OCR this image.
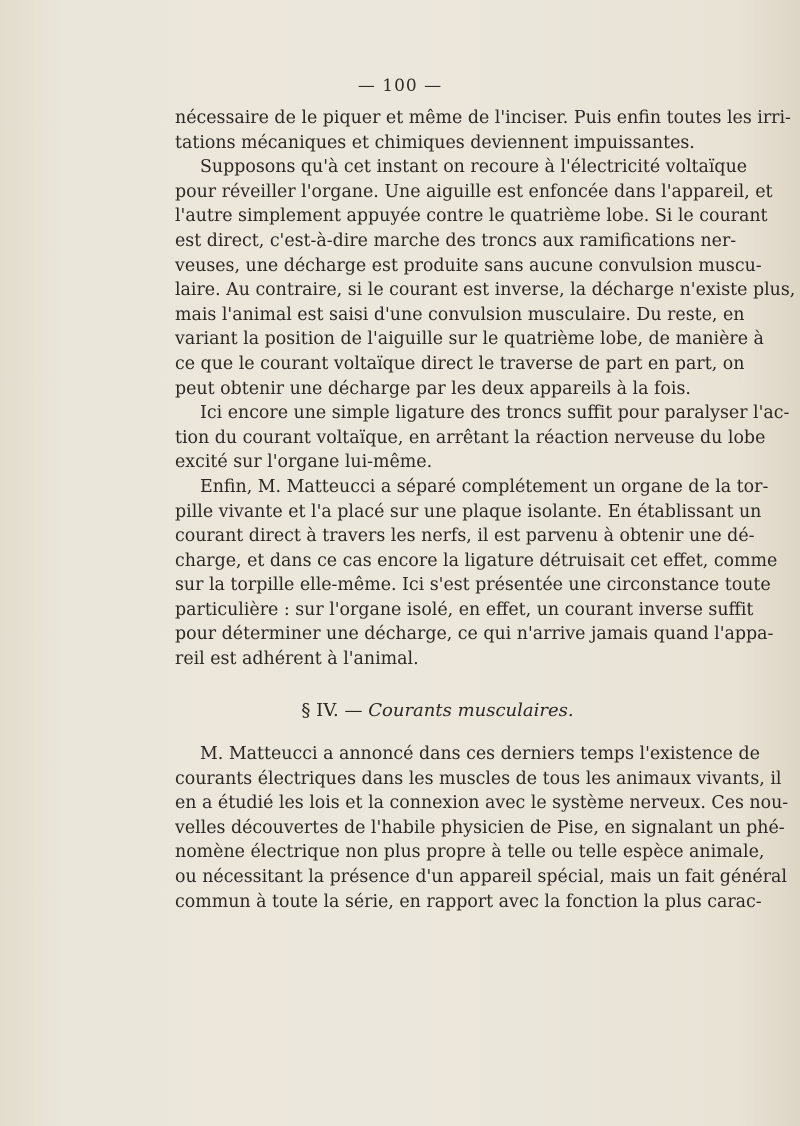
— 100 —
nécessaire de le piquer et même de l'inciser. Puis enfin toutes les irri-
tations mécaniques et chimiques deviennent impuissantes.
Supposons qu'à cet instant on recoure à l'électricité voltaïque
pour réveiller l'organe. Une aiguille est enfoncée dans l'appareil, et
l'autre simplement appuyée contre le quatrième lobe. Si le courant
est direct, c'est-à-dire marche des troncs aux ramifications ner-
veuses, une décharge est produite sans aucune convulsion muscu-
laire. Au contraire, si le courant est inverse, la décharge n'existe plus,
mais l'animal est saisi d'une convulsion musculaire. Du reste, en
variant la position de l'aiguille sur le quatrième lobe, de manière à
ce que le courant voltaïque direct le traverse de part en part, on
peut obtenir une décharge par les deux appareils à la fois.
Ici encore une simple ligature des troncs suffit pour paralyser l'ac-
tion du courant voltaïque, en arrêtant la réaction nerveuse du lobe
excité sur l'organe lui-même.
Enfin, M. Matteucci a séparé complétement un organe de la tor-
pille vivante et l'a placé sur une plaque isolante. En établissant un
courant direct à travers les nerfs, il est parvenu à obtenir une dé-
charge, et dans ce cas encore la ligature détruisait cet effet, comme
sur la torpille elle-même. Ici s'est présentée une circonstance toute
particulière : sur l'organe isolé, en effet, un courant inverse suffit
pour déterminer une décharge, ce qui n'arrive jamais quand l'appa-
reil est adhérent à l'animal.
§ IV. — Courants musculaires.
M. Matteucci a annoncé dans ces derniers temps l'existence de
courants électriques dans les muscles de tous les animaux vivants, il
en a étudié les lois et la connexion avec le système nerveux. Ces nou-
velles découvertes de l'habile physicien de Pise, en signalant un phé-
nomène électrique non plus propre à telle ou telle espèce animale,
ou nécessitant la présence d'un appareil spécial, mais un fait général
commun à toute la série, en rapport avec la fonction la plus carac-
